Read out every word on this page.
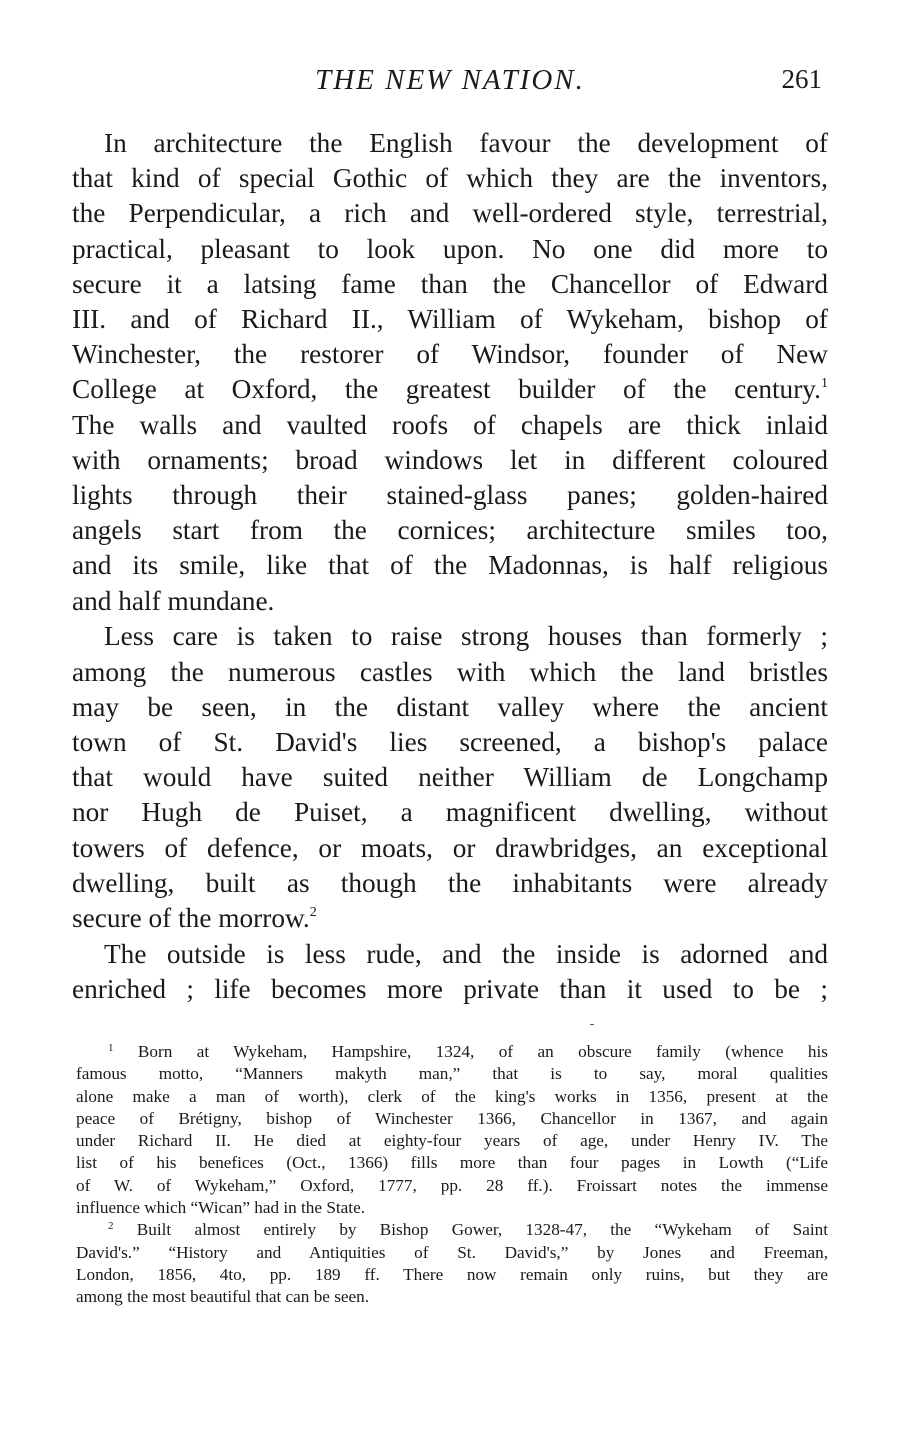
THE NEW NATION.	261
In architecture the English favour the development of
that kind of special Gothic of which they are the inventors,
the Perpendicular, a rich and well-ordered style, terrestrial,
practical, pleasant to look upon. No one did more to
secure it a latsing fame than the Chancellor of Edward
III. and of Richard II., William of Wykeham, bishop of
Winchester, the restorer of Windsor, founder of New
College at Oxford, the greatest builder of the century.$^1$
The walls and vaulted roofs of chapels are thick inlaid
with ornaments; broad windows let in different coloured
lights through their stained-glass panes; golden-haired
angels start from the cornices; architecture smiles too,
and its smile, like that of the Madonnas, is half religious
and half mundane.
Less care is taken to raise strong houses than formerly ;
among the numerous castles with which the land bristles
may be seen, in the distant valley where the ancient
town of St. David's lies screened, a bishop's palace
that would have suited neither William de Longchamp
nor Hugh de Puiset, a magnificent dwelling, without
towers of defence, or moats, or drawbridges, an exceptional
dwelling, built as though the inhabitants were already
secure of the morrow.$^2$
The outside is less rude, and the inside is adorned and
enriched ; life becomes more private than it used to be ;
$^1$ Born at Wykeham, Hampshire, 1324, of an obscure family (whence his
famous motto, “Manners makyth man,” that is to say, moral qualities
alone make a man of worth), clerk of the king's works in 1356, present at the
peace of Brétigny, bishop of Winchester 1366, Chancellor in 1367, and again
under Richard II. He died at eighty-four years of age, under Henry IV. The
list of his benefices (Oct., 1366) fills more than four pages in Lowth (“Life
of W. of Wykeham,” Oxford, 1777, pp. 28 ff.). Froissart notes the immense
influence which “Wican” had in the State.
$^2$ Built almost entirely by Bishop Gower, 1328-47, the “Wykeham of Saint
David's.” “History and Antiquities of St. David's,” by Jones and Freeman,
London, 1856, 4to, pp. 189 ff. There now remain only ruins, but they are
among the most beautiful that can be seen.
